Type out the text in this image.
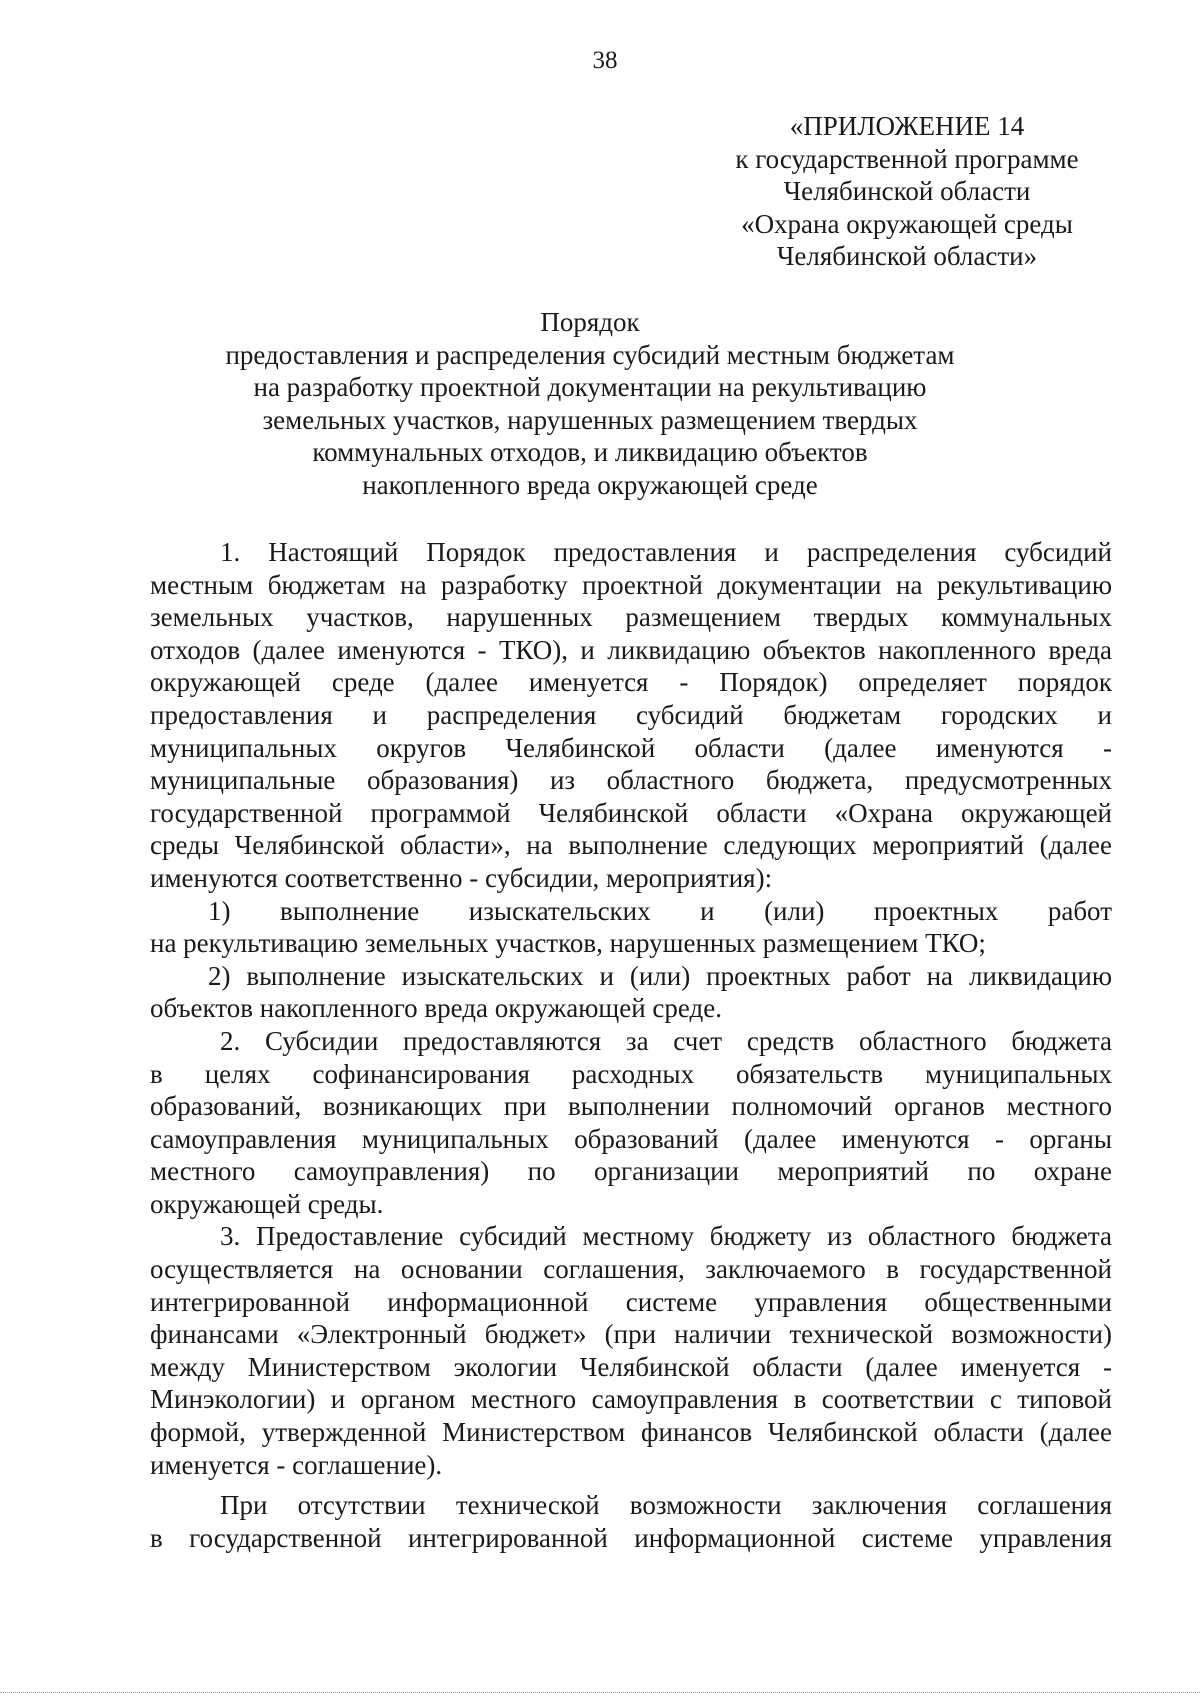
38
«ПРИЛОЖЕНИЕ 14
к государственной программе
Челябинской области
«Охрана окружающей среды
Челябинской области»
Порядок
предоставления и распределения субсидий местным бюджетам
на разработку проектной документации на рекультивацию
земельных участков, нарушенных размещением твердых
коммунальных отходов, и ликвидацию объектов
накопленного вреда окружающей среде
1. Настоящий Порядок предоставления и распределения субсидий
местным бюджетам на разработку проектной документации на рекультивацию
земельных участков, нарушенных размещением твердых коммунальных
отходов (далее именуются - ТКО), и ликвидацию объектов накопленного вреда
окружающей среде (далее именуется - Порядок) определяет порядок
предоставления и распределения субсидий бюджетам городских и
муниципальных округов Челябинской области (далее именуются -
муниципальные образования) из областного бюджета, предусмотренных
государственной программой Челябинской области «Охрана окружающей
среды Челябинской области», на выполнение следующих мероприятий (далее
именуются соответственно - субсидии, мероприятия):
1) выполнение изыскательских и (или) проектных работ
на рекультивацию земельных участков, нарушенных размещением ТКО;
2) выполнение изыскательских и (или) проектных работ на ликвидацию
объектов накопленного вреда окружающей среде.
2. Субсидии предоставляются за счет средств областного бюджета
в целях софинансирования расходных обязательств муниципальных
образований, возникающих при выполнении полномочий органов местного
самоуправления муниципальных образований (далее именуются - органы
местного самоуправления) по организации мероприятий по охране
окружающей среды.
3. Предоставление субсидий местному бюджету из областного бюджета
осуществляется на основании соглашения, заключаемого в государственной
интегрированной информационной системе управления общественными
финансами «Электронный бюджет» (при наличии технической возможности)
между Министерством экологии Челябинской области (далее именуется -
Минэкологии) и органом местного самоуправления в соответствии с типовой
формой, утвержденной Министерством финансов Челябинской области (далее
именуется - соглашение).
При отсутствии технической возможности заключения соглашения
в государственной интегрированной информационной системе управления
